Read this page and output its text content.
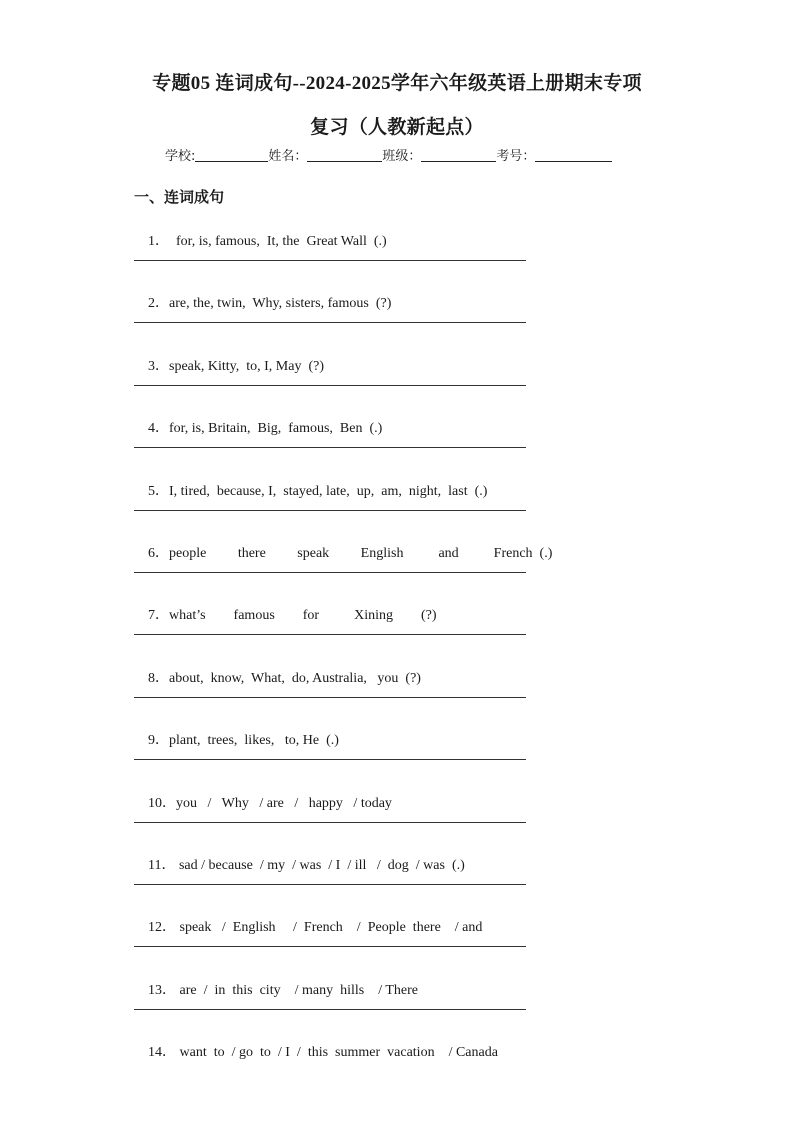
专题05 连词成句--2024-2025学年六年级英语上册期末专项
复习（人教新起点）
学校:	姓名：	班级：	考号：
一、连词成句

1．  for, is, famous,  It, the  Great Wall  (.)

2．are, the, twin,  Why, sisters, famous  (?)

3．speak, Kitty,  to, I, May  (?)

4．for, is, Britain,  Big,  famous,  Ben  (.)

5．I, tired,  because, I,  stayed, late,  up,  am,  night,  last  (.)

6．people         there         speak         English          and          French  (.)

7．what’s        famous        for          Xining        (?)

8．about,  know,  What,  do, Australia,   you  (?)

9．plant,  trees,  likes,   to, He  (.)

10．you   /   Why   / are   /   happy   / today

11． sad / because  / my  / was  / I  / ill   /  dog  / was  (.)

12． speak   /  English     /  French    /  People  there    / and

13． are  /  in  this  city    / many  hills    / There

14． want  to  / go  to  / I  /  this  summer  vacation    / Canada
